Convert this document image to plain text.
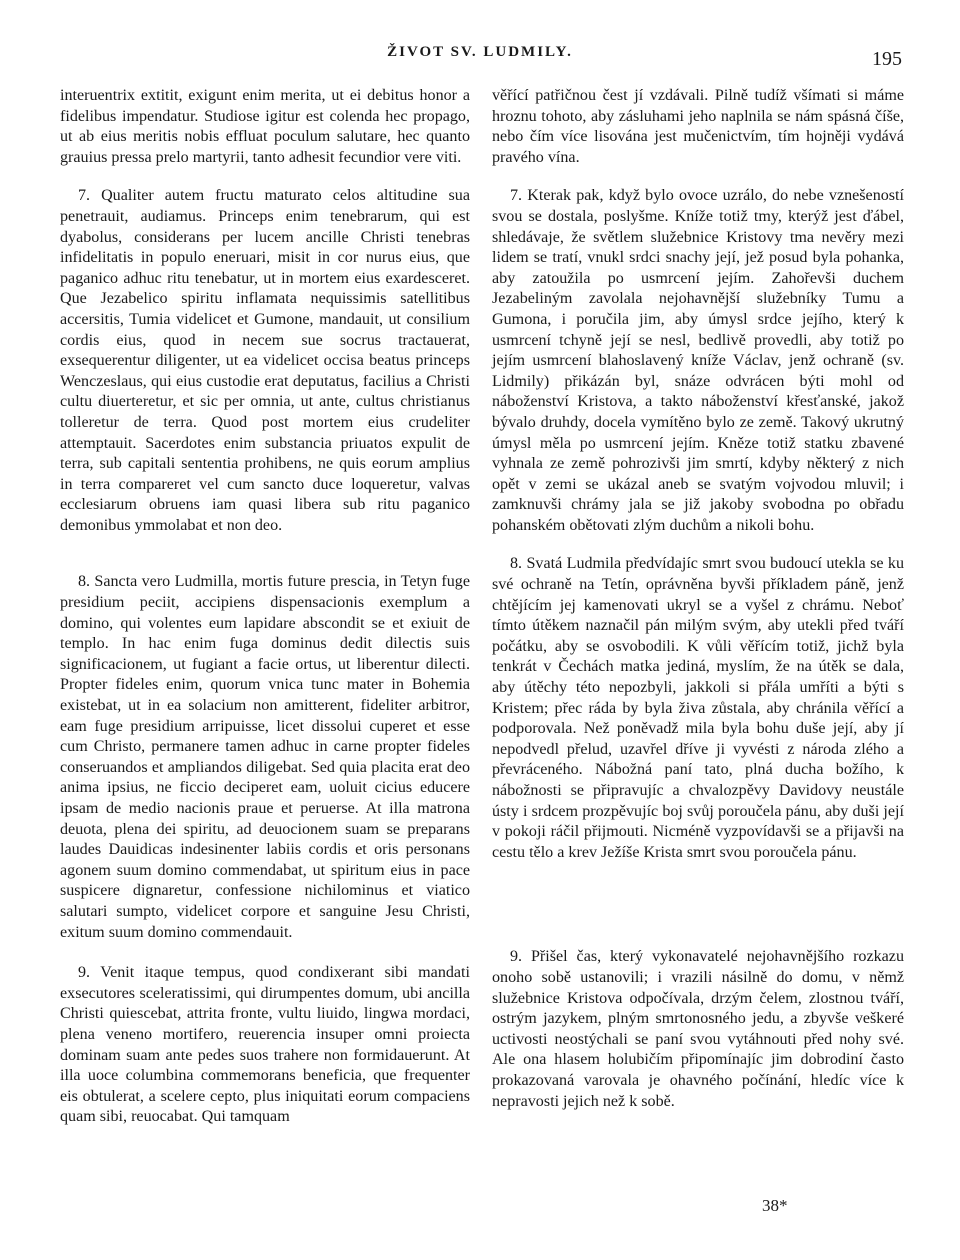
ŽIVOT SV. LUDMILY.	195

interuentrix extitit, exigunt enim merita, ut ei debitus honor a fidelibus impendatur. Studiose igitur est colenda hec propago, ut ab eius meritis nobis effluat poculum salutare, hec quanto grauius pressa prelo martyrii, tanto adhesit fecundior vere viti.

7. Qualiter autem fructu maturato celos altitudine sua penetrauit, audiamus. Princeps enim tenebrarum, qui est dyabolus, considerans per lucem ancille Christi tenebras infidelitatis in populo eneruari, misit in cor nurus eius, que paganico adhuc ritu tenebatur, ut in mortem eius exardesceret. Que Jezabelico spiritu inflamata nequissimis satellitibus accersitis, Tumia videlicet et Gumone, mandauit, ut consilium cordis eius, quod in necem sue socrus tractauerat, exsequerentur diligenter, ut ea videlicet occisa beatus princeps Wenczeslaus, qui eius custodie erat deputatus, facilius a Christi cultu diuerteretur, et sic per omnia, ut ante, cultus christianus tolleretur de terra. Quod post mortem eius crudeliter attemptauit. Sacerdotes enim substancia priuatos expulit de terra, sub capitali sententia prohibens, ne quis eorum amplius in terra compareret vel cum sancto duce loqueretur, valvas ecclesiarum obruens iam quasi libera sub ritu paganico demonibus ymmolabat et non deo.

8. Sancta vero Ludmilla, mortis future prescia, in Tetyn fuge presidium peciit, accipiens dispensacionis exemplum a domino, qui volentes eum lapidare abscondit se et exiuit de templo. In hac enim fuga dominus dedit dilectis suis significacionem, ut fugiant a facie ortus, ut liberentur dilecti. Propter fideles enim, quorum vnica tunc mater in Bohemia existebat, ut in ea solacium non amitterent, fideliter arbitror, eam fuge presidium arripuisse, licet dissolui cuperet et esse cum Christo, permanere tamen adhuc in carne propter fideles conseruandos et ampliandos diligebat. Sed quia placita erat deo anima ipsius, ne ficcio deciperet eam, uoluit cicius educere ipsam de medio nacionis praue et peruerse. At illa matrona deuota, plena dei spiritu, ad deuocionem suam se preparans laudes Dauidicas indesinenter labiis cordis et oris personans agonem suum domino commendabat, ut spiritum eius in pace suspicere dignaretur, confessione nichilominus et viatico salutari sumpto, videlicet corpore et sanguine Jesu Christi, exitum suum domino commendauit.

9. Venit itaque tempus, quod condixerant sibi mandati exsecutores sceleratissimi, qui dirumpentes domum, ubi ancilla Christi quiescebat, attrita fronte, vultu liuido, lingwa mordaci, plena veneno mortifero, reuerencia insuper omni proiecta dominam suam ante pedes suos trahere non formidauerunt. At illa uoce columbina commemorans beneficia, que frequenter eis obtulerat, a scelere cepto, plus iniquitati eorum compaciens quam sibi, reuocabat. Qui tamquam

věřící patřičnou čest jí vzdávali. Pilně tudíž všímati si máme hroznu tohoto, aby zásluhami jeho naplnila se nám spásná číše, nebo čím více lisována jest mučenictvím, tím hojněji vydává pravého vína.

7. Kterak pak, když bylo ovoce uzrálo, do nebe vznešeností svou se dostala, poslyšme. Kníže totiž tmy, kterýž jest ďábel, shledávaje, že světlem služebnice Kristovy tma nevěry mezi lidem se tratí, vnukl srdci snachy její, jež posud byla pohanka, aby zatoužila po usmrcení jejím. Zahořevši duchem Jezabeliným zavolala nejohavnější služebníky Tumu a Gumona, i poručila jim, aby úmysl srdce jejího, který k usmrcení tchyně její se nesl, bedlivě provedli, aby totiž po jejím usmrcení blahoslavený kníže Václav, jenž ochraně (sv. Lidmily) přikázán byl, snáze odvrácen býti mohl od náboženství Kristova, a takto náboženství křesťanské, jakož bývalo druhdy, docela vymítěno bylo ze země. Takový ukrutný úmysl měla po usmrcení jejím. Kněze totiž statku zbavené vyhnala ze země pohrozivši jim smrtí, kdyby některý z nich opět v zemi se ukázal aneb se svatým vojvodou mluvil; i zamknuvši chrámy jala se již jakoby svobodna po obřadu pohanském obětovati zlým duchům a nikoli bohu.

8. Svatá Ludmila předvídajíc smrt svou budoucí utekla se ku své ochraně na Tetín, oprávněna byvši příkladem páně, jenž chtějícím jej kamenovati ukryl se a vyšel z chrámu. Neboť tímto útěkem naznačil pán milým svým, aby utekli před tváří počátku, aby se osvobodili. K vůli věřícím totiž, jichž byla tenkrát v Čechách matka jediná, myslím, že na útěk se dala, aby útěchy této nepozbyli, jakkoli si přála umříti a býti s Kristem; přec ráda by byla živa zůstala, aby chránila věřící a podporovala. Než poněvadž mila byla bohu duše její, aby jí nepodvedl přelud, uzavřel dříve ji vyvésti z národa zlého a převráceného. Nábožná paní tato, plná ducha božího, k nábožnosti se připravujíc a chvalozpěvy Davidovy neustále ústy i srdcem prozpěvujíc boj svůj poroučela pánu, aby duši její v pokoji ráčil přijmouti. Nicméně vyzpovídavši se a přijavši na cestu tělo a krev Ježíše Krista smrt svou poroučela pánu.

9. Přišel čas, který vykonavatelé nejohavnějšího rozkazu onoho sobě ustanovili; i vrazili násilně do domu, v němž služebnice Kristova odpočívala, drzým čelem, zlostnou tváří, ostrým jazykem, plným smrtonosného jedu, a zbyvše veškeré uctivosti neostýchali se paní svou vytáhnouti před nohy své. Ale ona hlasem holubičím připomínajíc jim dobrodiní často prokazovaná varovala je ohavného počínání, hledíc více k nepravosti jejich než k sobě.

38*
